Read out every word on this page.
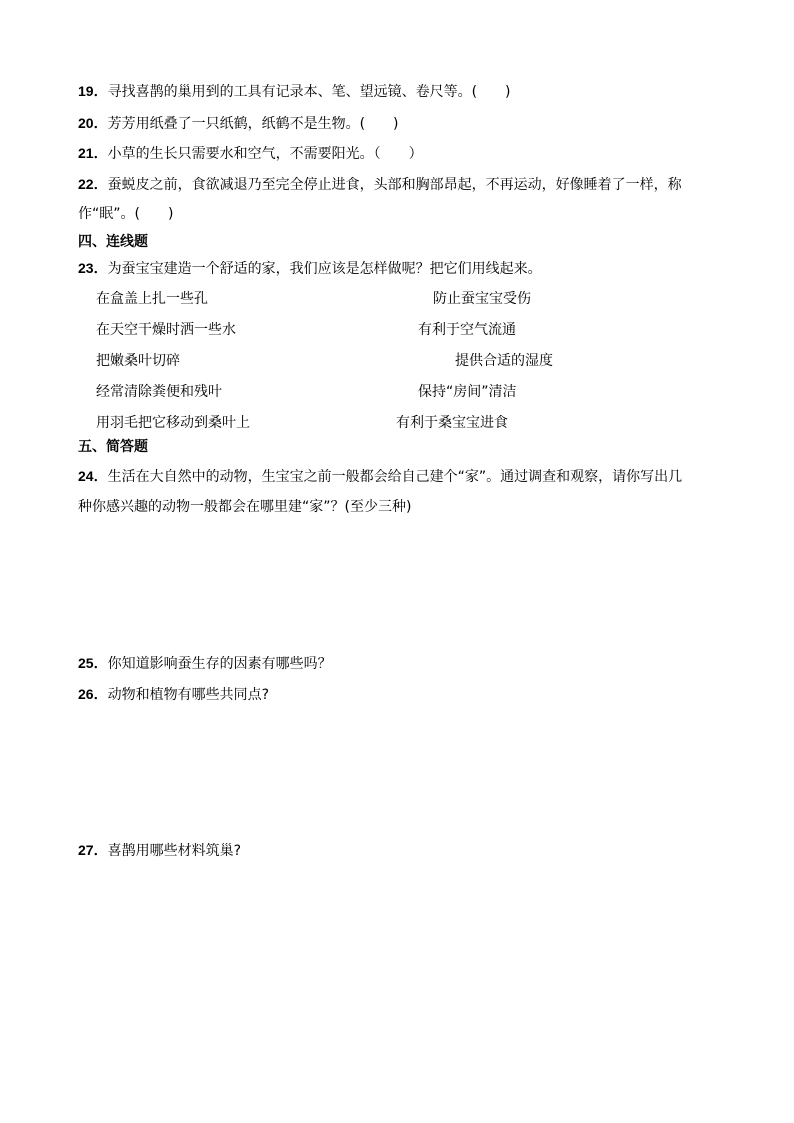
19．寻找喜鹊的巢用到的工具有记录本、笔、望远镜、卷尺等。(　　)
20．芳芳用纸叠了一只纸鹤，纸鹤不是生物。(　　)
21．小草的生长只需要水和空气，不需要阳光。（　　）
22．蚕蜕皮之前，食欲减退乃至完全停止进食，头部和胸部昂起，不再运动，好像睡着了一样，称
作“眠”。(　　)
四、连线题
23．为蚕宝宝建造一个舒适的家，我们应该是怎样做呢？把它们用线起来。
在盒盖上扎一些孔	防止蚕宝宝受伤
在天空干燥时洒一些水	有利于空气流通
把嫩桑叶切碎	提供合适的湿度
经常清除粪便和残叶	保持“房间”清洁
用羽毛把它移动到桑叶上	有利于桑宝宝进食
五、简答题
24．生活在大自然中的动物，生宝宝之前一般都会给自己建个“家”。通过调查和观察，请你写出几
种你感兴趣的动物一般都会在哪里建“家”？(至少三种)
25．你知道影响蚕生存的因素有哪些吗？
26．动物和植物有哪些共同点?
27．喜鹊用哪些材料筑巢?
